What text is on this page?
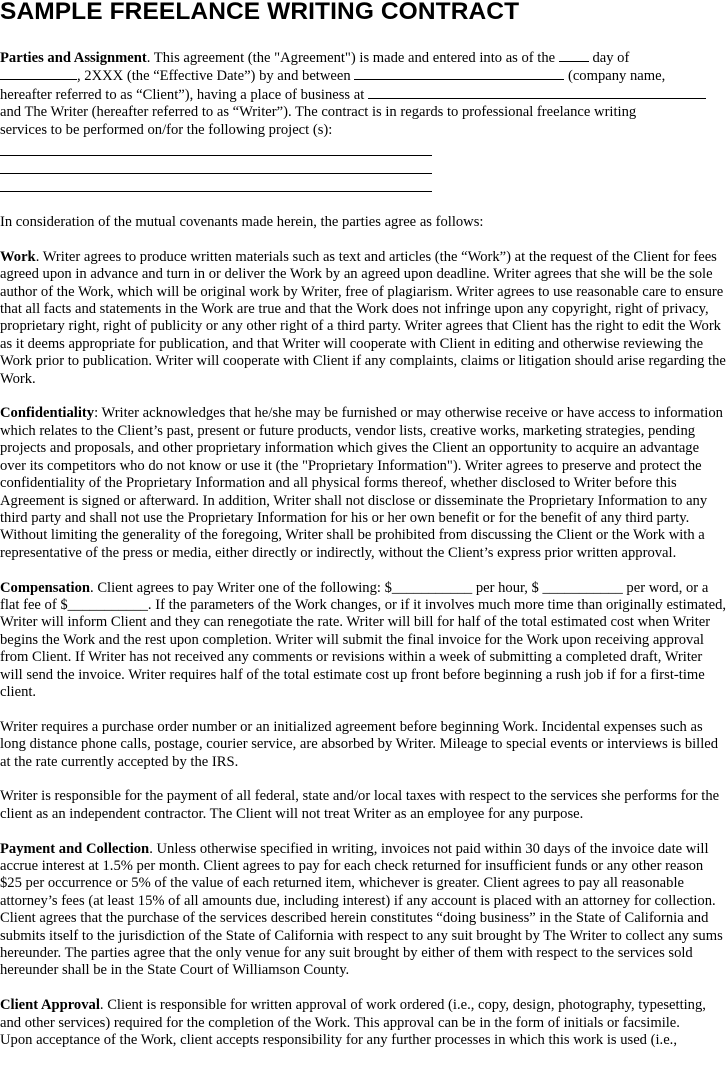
SAMPLE FREELANCE WRITING CONTRACT

Parties and Assignment. This agreement (the "Agreement") is made and entered into as of the	day of
, 2XXX (the “Effective Date”) by and between	(company name,
hereafter referred to as “Client”), having a place of business at
and The Writer (hereafter referred to as “Writer”). The contract is in regards to professional freelance writing
services to be performed on/for the following project (s):

In consideration of the mutual covenants made herein, the parties agree as follows:

Work. Writer agrees to produce written materials such as text and articles (the “Work”) at the request of the Client for fees agreed upon in advance and turn in or deliver the Work by an agreed upon deadline. Writer agrees that she will be the sole author of the Work, which will be original work by Writer, free of plagiarism. Writer agrees to use reasonable care to ensure that all facts and statements in the Work are true and that the Work does not infringe upon any copyright, right of privacy, proprietary right, right of publicity or any other right of a third party. Writer agrees that Client has the right to edit the Work as it deems appropriate for publication, and that Writer will cooperate with Client in editing and otherwise reviewing the Work prior to publication. Writer will cooperate with Client if any complaints, claims or litigation should arise regarding the Work.

Confidentiality: Writer acknowledges that he/she may be furnished or may otherwise receive or have access to information which relates to the Client’s past, present or future products, vendor lists, creative works, marketing strategies, pending projects and proposals, and other proprietary information which gives the Client an opportunity to acquire an advantage over its competitors who do not know or use it (the "Proprietary Information"). Writer agrees to preserve and protect the confidentiality of the Proprietary Information and all physical forms thereof, whether disclosed to Writer before this Agreement is signed or afterward. In addition, Writer shall not disclose or disseminate the Proprietary Information to any third party and shall not use the Proprietary Information for his or her own benefit or for the benefit of any third party. Without limiting the generality of the foregoing, Writer shall be prohibited from discussing the Client or the Work with a representative of the press or media, either directly or indirectly, without the Client’s express prior written approval.

Compensation. Client agrees to pay Writer one of the following: $___________ per hour, $ ___________ per word, or a flat fee of $___________. If the parameters of the Work changes, or if it involves much more time than originally estimated, Writer will inform Client and they can renegotiate the rate. Writer will bill for half of the total estimated cost when Writer begins the Work and the rest upon completion. Writer will submit the final invoice for the Work upon receiving approval from Client. If Writer has not received any comments or revisions within a week of submitting a completed draft, Writer will send the invoice. Writer requires half of the total estimate cost up front before beginning a rush job if for a first-time client.

Writer requires a purchase order number or an initialized agreement before beginning Work. Incidental expenses such as long distance phone calls, postage, courier service, are absorbed by Writer. Mileage to special events or interviews is billed at the rate currently accepted by the IRS.

Writer is responsible for the payment of all federal, state and/or local taxes with respect to the services she performs for the client as an independent contractor. The Client will not treat Writer as an employee for any purpose.

Payment and Collection. Unless otherwise specified in writing, invoices not paid within 30 days of the invoice date will accrue interest at 1.5% per month. Client agrees to pay for each check returned for insufficient funds or any other reason $25 per occurrence or 5% of the value of each returned item, whichever is greater. Client agrees to pay all reasonable attorney’s fees (at least 15% of all amounts due, including interest) if any account is placed with an attorney for collection. Client agrees that the purchase of the services described herein constitutes “doing business” in the State of California and submits itself to the jurisdiction of the State of California with respect to any suit brought by The Writer to collect any sums hereunder. The parties agree that the only venue for any suit brought by either of them with respect to the services sold hereunder shall be in the State Court of Williamson County.

Client Approval. Client is responsible for written approval of work ordered (i.e., copy, design, photography, typesetting, and other services) required for the completion of the Work. This approval can be in the form of initials or facsimile.

Upon acceptance of the Work, client accepts responsibility for any further processes in which this work is used (i.e.,
